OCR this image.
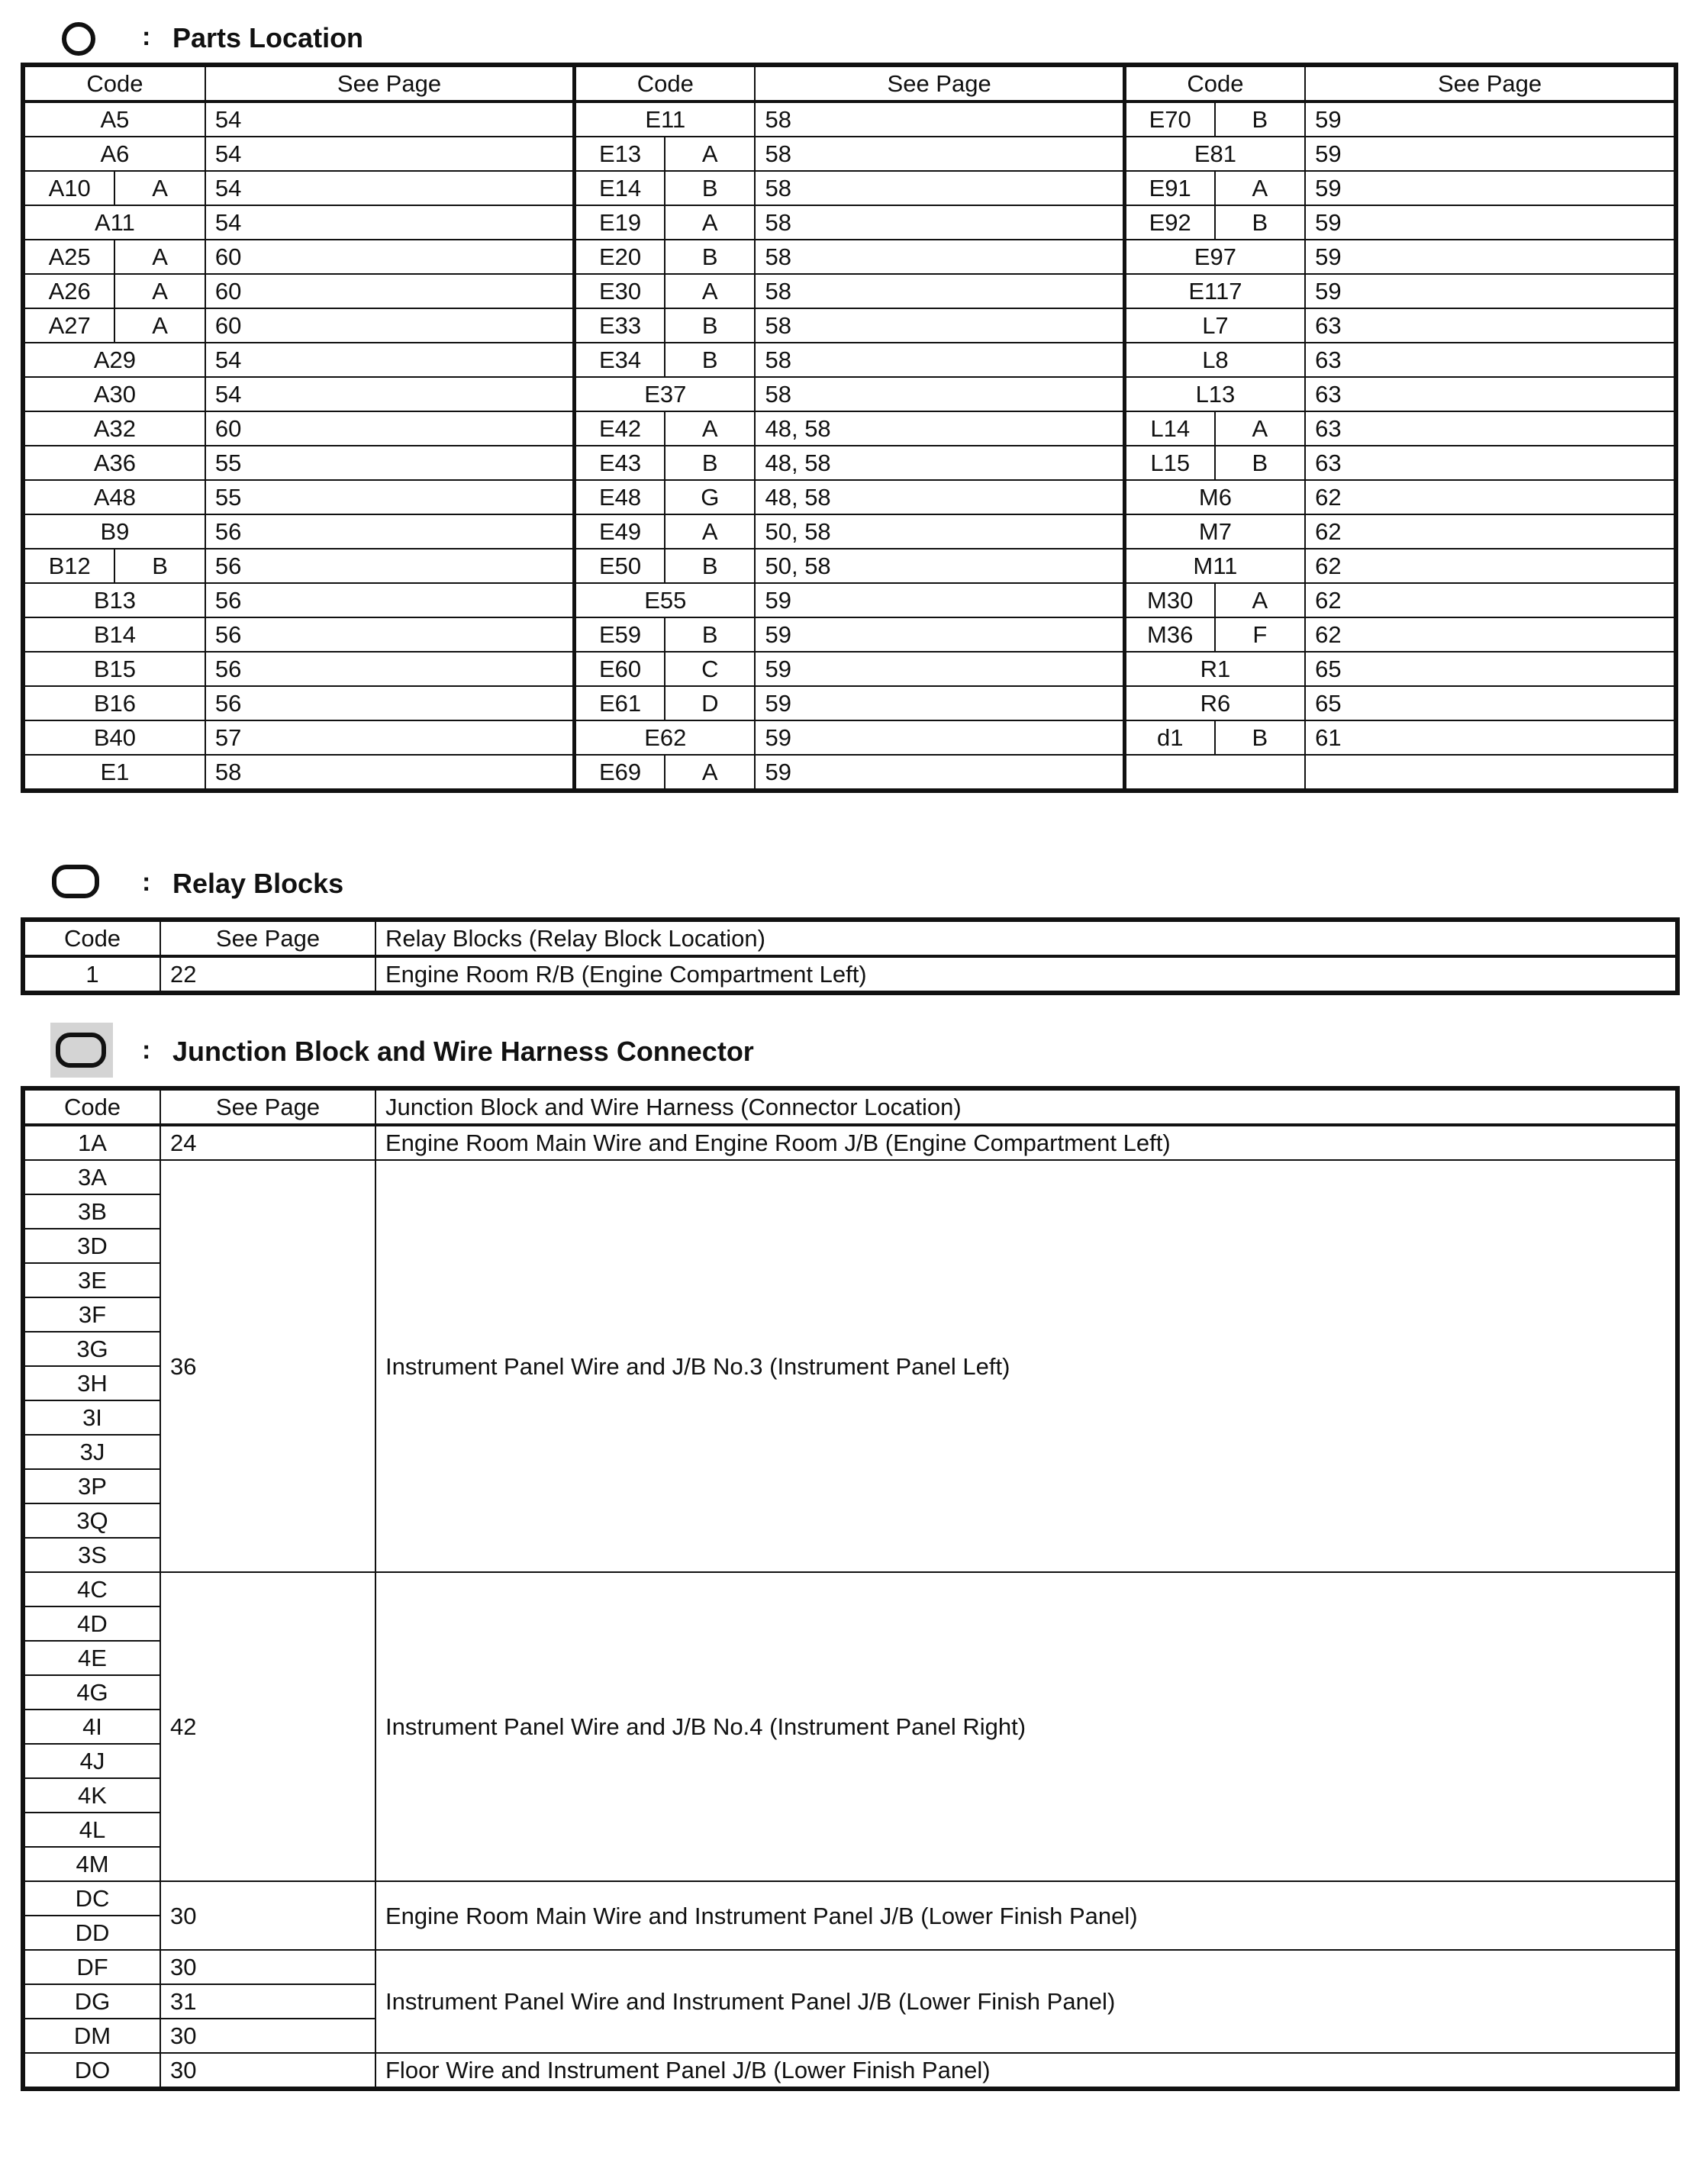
: Parts Location
Code		See Page	Code		See Page	Code		See Page
A5		54	E11		58	E70	B	59
A6		54	E13	A	58	E81		59
A10	A	54	E14	B	58	E91	A	59
A11		54	E19	A	58	E92	B	59
A25	A	60	E20	B	58	E97		59
A26	A	60	E30	A	58	E117		59
A27	A	60	E33	B	58	L7		63
A29		54	E34	B	58	L8		63
A30		54	E37		58	L13		63
A32		60	E42	A	48, 58	L14	A	63
A36		55	E43	B	48, 58	L15	B	63
A48		55	E48	G	48, 58	M6		62
B9		56	E49	A	50, 58	M7		62
B12	B	56	E50	B	50, 58	M11		62
B13		56	E55		59	M30	A	62
B14		56	E59	B	59	M36	F	62
B15		56	E60	C	59	R1		65
B16		56	E61	D	59	R6		65
B40		57	E62		59	d1	B	61
E1		58	E69	A	59			
: Relay Blocks
Code	See Page	Relay Blocks (Relay Block Location)
1	22	Engine Room R/B (Engine Compartment Left)
: Junction Block and Wire Harness Connector
Code	See Page	Junction Block and Wire Harness (Connector Location)
1A	24	Engine Room Main Wire and Engine Room J/B (Engine Compartment Left)
3A	36	Instrument Panel Wire and J/B No.3 (Instrument Panel Left)
3B		
3D		
3E		
3F		
3G		
3H		
3I		
3J		
3P		
3Q		
3S		
4C	42	Instrument Panel Wire and J/B No.4 (Instrument Panel Right)
4D		
4E		
4G		
4I		
4J		
4K		
4L		
4M		
DC	30	Engine Room Main Wire and Instrument Panel J/B (Lower Finish Panel)
DD		
DF	30	Instrument Panel Wire and Instrument Panel J/B (Lower Finish Panel)
DG	31	
DM	30	
DO	30	Floor Wire and Instrument Panel J/B (Lower Finish Panel)
